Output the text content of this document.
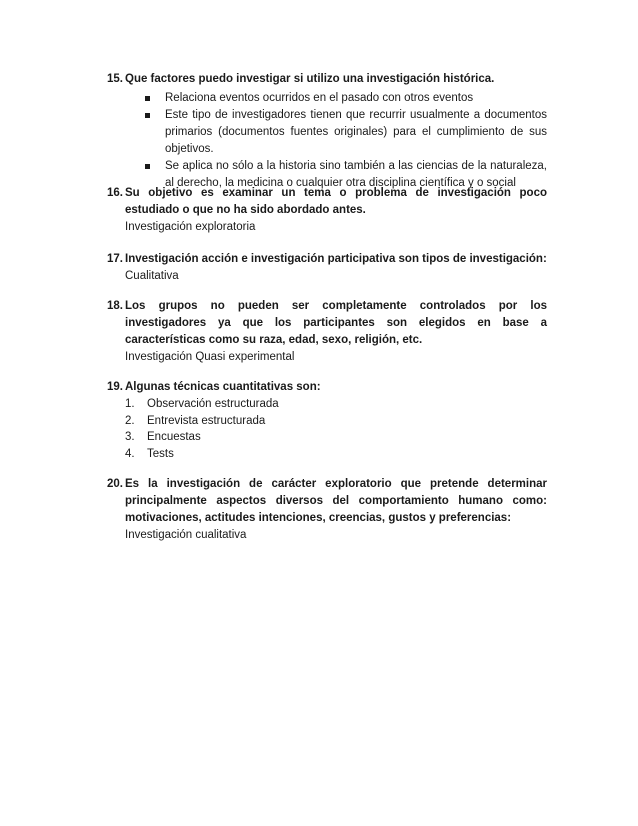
15. Que factores puedo investigar si utilizo una investigación histórica.
Relaciona eventos ocurridos en el pasado con otros eventos
Este tipo de investigadores tienen que recurrir usualmente a documentos primarios (documentos fuentes originales) para el cumplimiento de sus objetivos.
Se aplica no sólo a la historia sino también a las ciencias de la naturaleza, al derecho, la medicina o cualquier otra disciplina científica y o social
16. Su objetivo es examinar un tema o problema de investigación poco estudiado o que no ha sido abordado antes.
Investigación exploratoria
17. Investigación acción e investigación participativa son tipos de investigación:
Cualitativa
18. Los grupos no pueden ser completamente controlados por los investigadores ya que los participantes son elegidos en base a características como su raza, edad, sexo, religión, etc.
Investigación Quasi experimental
19. Algunas técnicas cuantitativas son:
1. Observación estructurada
2. Entrevista estructurada
3. Encuestas
4. Tests
20. Es la investigación de carácter exploratorio que pretende determinar principalmente aspectos diversos del comportamiento humano como: motivaciones, actitudes intenciones, creencias, gustos y preferencias:
Investigación cualitativa
